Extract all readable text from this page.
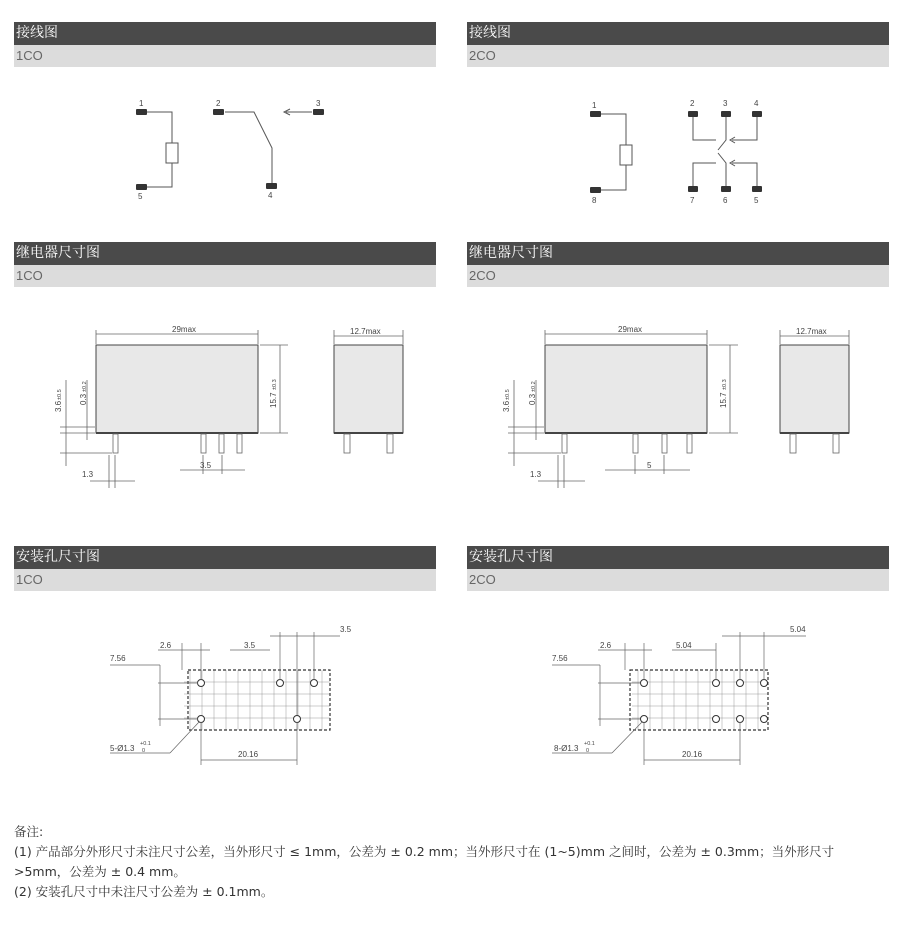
接线图
1CO
接线图
2CO
1	2	3
5	4
1	2	3	4
8	7	6	5
继电器尺寸图
1CO
继电器尺寸图
2CO
29max	12.7max
3.5
1.3
15.7
±0.3
3.6
±0.5 0.3
±0.2
29max	12.7max
5
1.3
15.7
±0.3
3.6
±0.5 0.3
±0.2
安装孔尺寸图
1CO
安装孔尺寸图
2CO
2.6	3.5
3.5
7.56
20.16
5-Ø1.3 +0.1
0
2.6	5.04
5.04
7.56
20.16
8-Ø1.3 +0.1
0
备注:
(1) 产品部分外形尺寸未注尺寸公差，当外形尺寸 ≤ 1mm，公差为 ± 0.2 mm；当外形尺寸在 (1~5)mm 之间时，公差为 ± 0.3mm；当外形尺寸
>5mm，公差为 ± 0.4 mm。
(2) 安装孔尺寸中未注尺寸公差为 ± 0.1mm。
